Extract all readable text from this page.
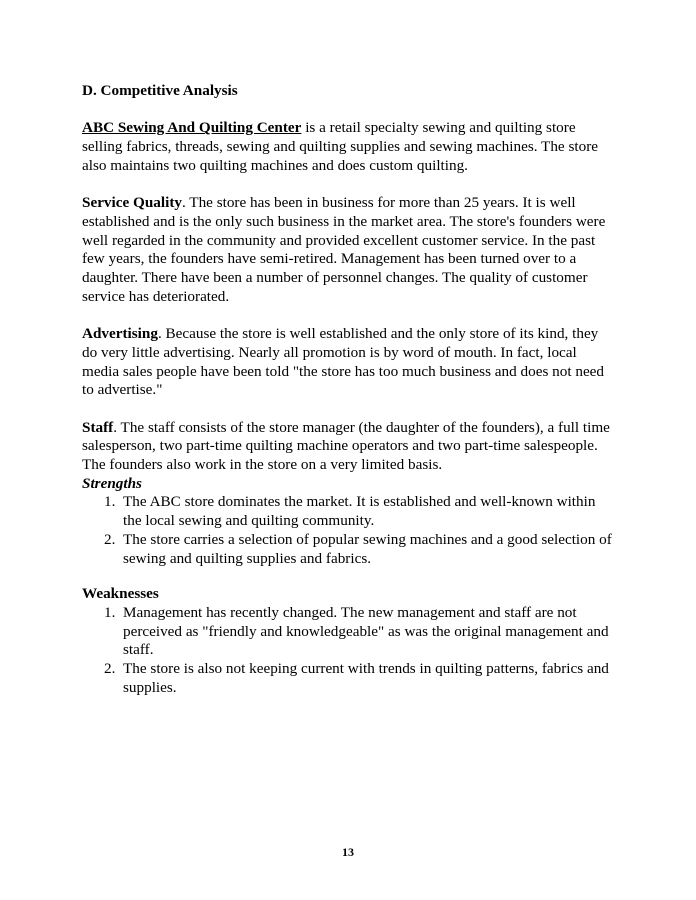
D. Competitive Analysis

ABC Sewing And Quilting Center is a retail specialty sewing and quilting store selling fabrics, threads, sewing and quilting supplies and sewing machines. The store also maintains two quilting machines and does custom quilting.

Service Quality. The store has been in business for more than 25 years. It is well established and is the only such business in the market area. The store's founders were well regarded in the community and provided excellent customer service. In the past few years, the founders have semi-retired. Management has been turned over to a daughter. There have been a number of personnel changes. The quality of customer service has deteriorated.

Advertising. Because the store is well established and the only store of its kind, they do very little advertising. Nearly all promotion is by word of mouth. In fact, local media sales people have been told "the store has too much business and does not need to advertise."

Staff. The staff consists of the store manager (the daughter of the founders), a full time salesperson, two part-time quilting machine operators and two part-time salespeople. The founders also work in the store on a very limited basis.

Strengths

1. The ABC store dominates the market. It is established and well-known within the local sewing and quilting community.
2. The store carries a selection of popular sewing machines and a good selection of sewing and quilting supplies and fabrics.

Weaknesses

1. Management has recently changed. The new management and staff are not perceived as "friendly and knowledgeable" as was the original management and staff.
2. The store is also not keeping current with trends in quilting patterns, fabrics and supplies.
13
